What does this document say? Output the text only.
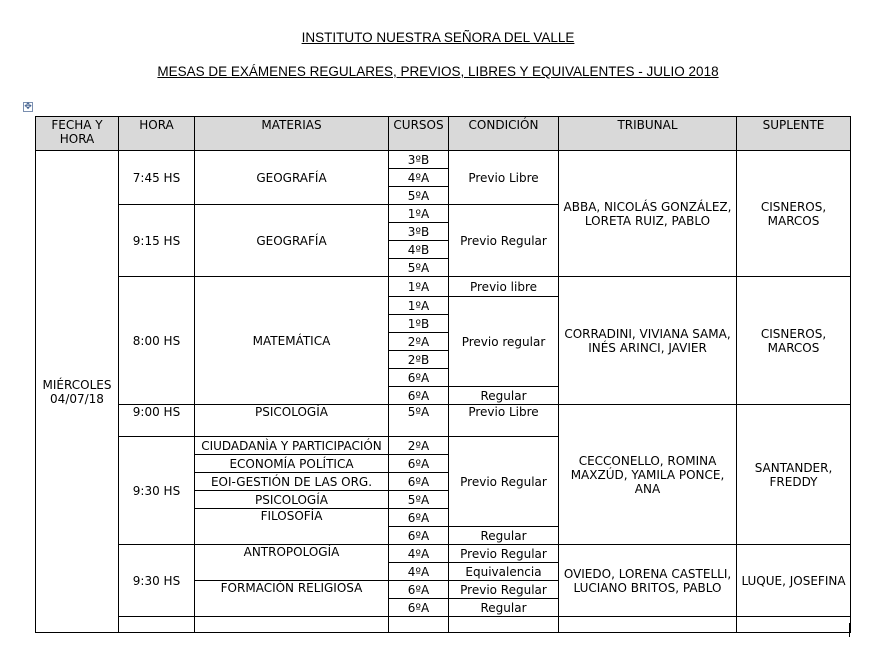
INSTITUTO NUESTRA SEÑORA DEL VALLE
MESAS DE EXÁMENES REGULARES, PREVIOS, LIBRES Y EQUIVALENTES - JULIO 2018
✥
FECHA Y HORA	HORA	MATERIAS	CURSOS	CONDICIÓN	TRIBUNAL	SUPLENTE	
MIÉRCOLES 04/07/18	7:45 HS	GEOGRAFÍA	3ºB	Previo Libre	ABBA, NICOLÁS GONZÁLEZ, LORETA RUIZ, PABLO	CISNEROS, MARCOS	
			4ºA				
			5ºA				
	9:15 HS	GEOGRAFÍA	1ºA	Previo Regular			
			3ºB				
			4ºB				
			5ºA				
	8:00 HS	MATEMÁTICA	1ºA	Previo libre	CORRADINI, VIVIANA SAMA, INÉS ARINCI, JAVIER	CISNEROS, MARCOS	
			1ºA	Previo regular			
			1ºB				
			2ºA				
			2ºB				
			6ºA				
			6ºA	Regular			
	9:00 HS	PSICOLOGÍA	5ºA	Previo Libre	CECCONELLO, ROMINA MAXZÚD, YAMILA PONCE, ANA	SANTANDER, FREDDY	
	9:30 HS	CIUDADANÌA Y PARTICIPACIÓN	2ºA	Previo Regular			
		ECONOMÍA POLÍTICA	6ºA				
		EOI-GESTIÓN DE LAS ORG.	6ºA				
		PSICOLOGÍA	5ºA				
		FILOSOFÍA	6ºA				
			6ºA	Regular			
	9:30 HS	ANTROPOLOGÍA	4ºA	Previo Regular	OVIEDO, LORENA CASTELLI, LUCIANO BRITOS, PABLO	LUQUE, JOSEFINA	
			4ºA	Equivalencia			
		FORMACIÓN RELIGIOSA	6ºA	Previo Regular			
			6ºA	Regular			
